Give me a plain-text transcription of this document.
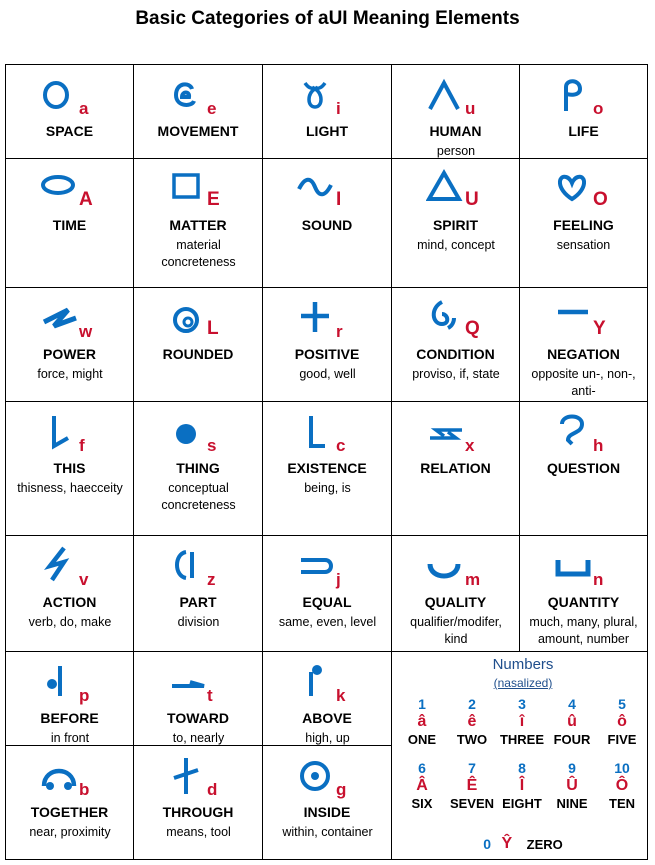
Basic Categories of aUI Meaning Elements
Numbers
(nasalized)
1
â
ONE
2
ê
TWO
3
î
THREE
4
û
FOUR
5
ô
FIVE
6
Â
SIX
7
Ê
SEVEN
8
Î
EIGHT
9
Û
NINE
10
Ô
TEN
0 Ŷ ZERO
a
SPACE
e
MOVEMENT
i
LIGHT
u
HUMAN
person
o
LIFE
A
TIME
E
MATTER
material concreteness
I
SOUND
U
SPIRIT
mind, concept
O
FEELING
sensation
w
POWER
force, might
L
ROUNDED
r
POSITIVE
good, well
Q
CONDITION
proviso, if, state
Y
NEGATION
opposite un-, non-, anti-
f
THIS
thisness, haecceity
s
THING
conceptual concreteness
c
EXISTENCE
being, is
x
RELATION
h
QUESTION
v
ACTION
verb, do, make
z
PART
division
j
EQUAL
same, even, level
m
QUALITY
qualifier/modifer, kind
n
QUANTITY
much, many, plural, amount, number
p
BEFORE
in front
t
TOWARD
to, nearly
k
ABOVE
high, up
b
TOGETHER
near, proximity
d
THROUGH
means, tool
g
INSIDE
within, container
